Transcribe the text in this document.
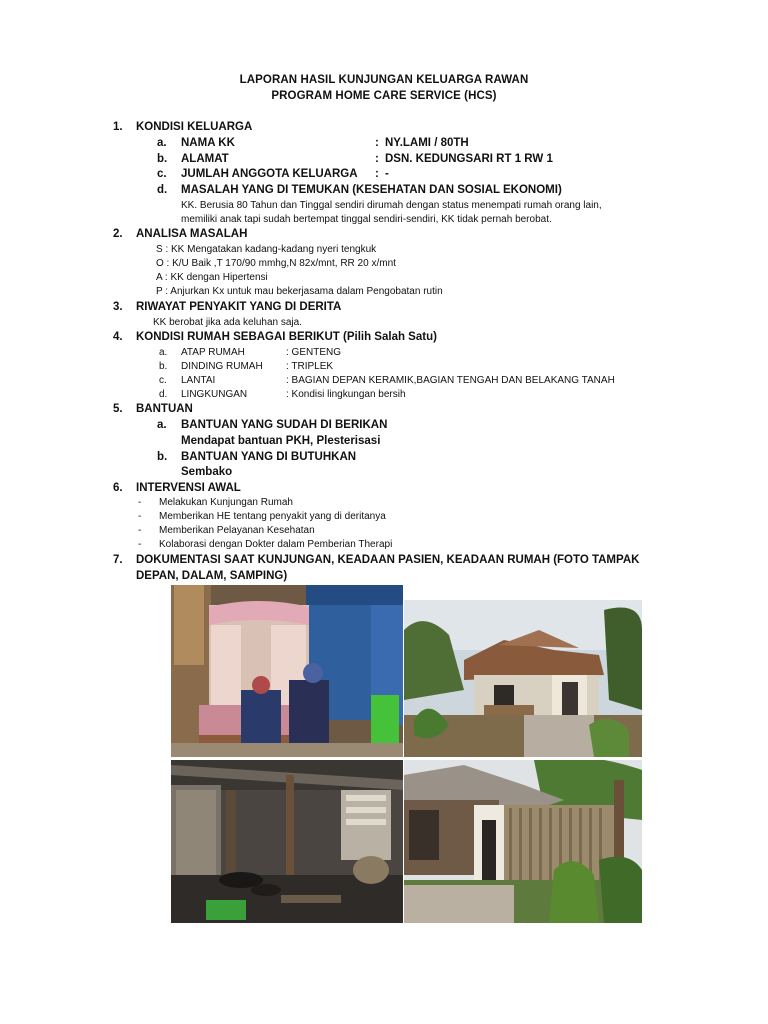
LAPORAN HASIL KUNJUNGAN KELUARGA RAWAN
PROGRAM HOME CARE SERVICE (HCS)
1. KONDISI KELUARGA
a. NAMA KK	: NY.LAMI / 80TH
b. ALAMAT	: DSN. KEDUNGSARI RT 1 RW 1
c. JUMLAH ANGGOTA KELUARGA : -
d. MASALAH YANG DI TEMUKAN (KESEHATAN DAN SOSIAL EKONOMI)
KK. Berusia 80 Tahun dan Tinggal sendiri dirumah dengan status menempati rumah orang lain,
memiliki anak tapi sudah bertempat tinggal sendiri-sendiri, KK tidak pernah berobat.
2. ANALISA MASALAH
S : KK Mengatakan kadang-kadang nyeri tengkuk
O : K/U Baik ,T 170/90 mmhg,N 82x/mnt, RR 20 x/mnt
A : KK dengan Hipertensi
P : Anjurkan Kx untuk mau bekerjasama dalam Pengobatan rutin
3. RIWAYAT PENYAKIT YANG DI DERITA
KK berobat jika ada keluhan saja.
4. KONDISI RUMAH SEBAGAI BERIKUT (Pilih Salah Satu)
a. ATAP RUMAH	: GENTENG
b. DINDING RUMAH : TRIPLEK
c. LANTAI	: BAGIAN DEPAN KERAMIK,BAGIAN TENGAH DAN BELAKANG TANAH
d. LINGKUNGAN	: Kondisi lingkungan bersih
5. BANTUAN
a. BANTUAN YANG SUDAH DI BERIKAN
Mendapat bantuan PKH, Plesterisasi
b. BANTUAN YANG DI BUTUHKAN
Sembako
6. INTERVENSI AWAL
- Melakukan Kunjungan Rumah
- Memberikan HE tentang penyakit yang di deritanya
- Memberikan Pelayanan Kesehatan
- Kolaborasi dengan Dokter dalam Pemberian Therapi
7. DOKUMENTASI SAAT KUNJUNGAN, KEADAAN PASIEN, KEADAAN RUMAH (FOTO TAMPAK
DEPAN, DALAM, SAMPING)
